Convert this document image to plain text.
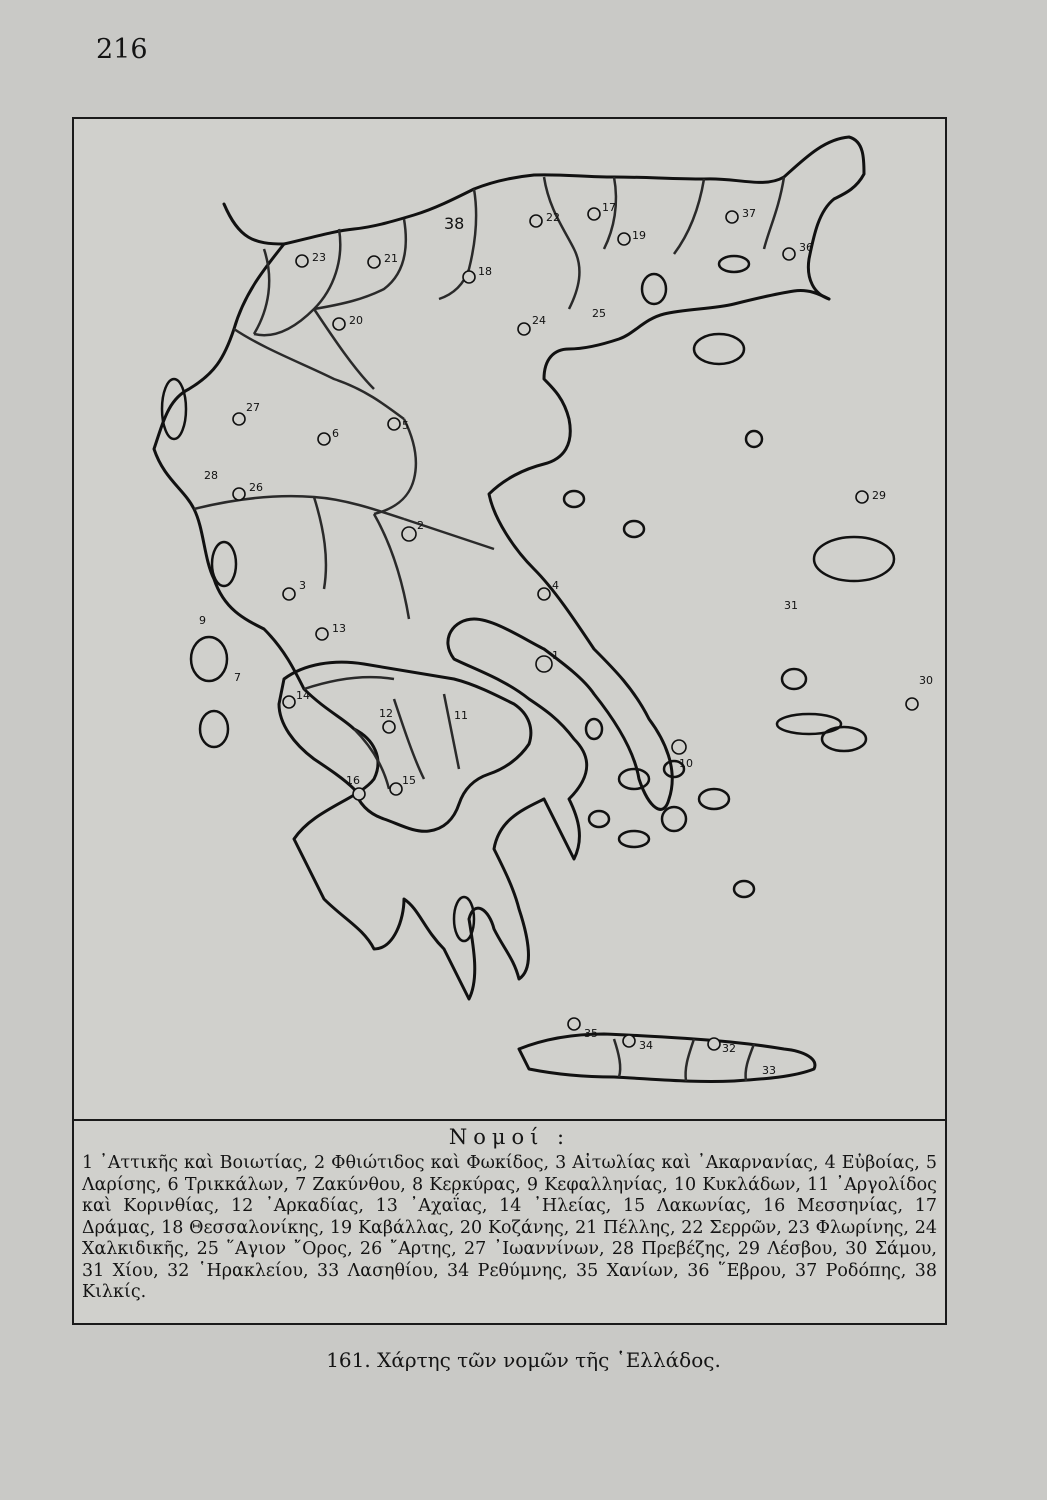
216
1
2
3	4
5
6
7
9
10
11
12
13
14
15
16
17
18
19
20
21
22
23
24
25
26
27
28
29
30
31
32
33
34
35
36
37
38
Νομοί :
1 ᾿Αττικῆς καὶ Βοιωτίας, 2 Φθιώτιδος καὶ Φωκίδος, 3 Αἰτωλίας καὶ ᾿Ακαρνανίας, 4 Εὐβοίας, 5 Λαρίσης, 6 Τρικκάλων, 7 Ζακύνθου, 8 Κερκύρας, 9 Κεφαλληνίας, 10 Κυκλάδων, 11 ᾿Αργολίδος καὶ Κορινθίας, 12 ᾿Αρκαδίας, 13 ᾿Αχαΐας, 14 ᾿Ηλείας, 15 Λακωνίας, 16 Μεσσηνίας, 17 Δράμας, 18 Θεσσαλονίκης, 19 Καβάλλας, 20 Κοζάνης, 21 Πέλλης, 22 Σερρῶν, 23 Φλωρίνης, 24 Χαλκιδικῆς, 25 ῞Αγιον ῎Ορος, 26 ῎Αρτης, 27 ᾿Ιωαννίνων, 28 Πρεβέζης, 29 Λέσβου, 30 Σάμου, 31 Χίου, 32 ῾Ηρακλείου, 33 Λασηθίου, 34 Ρεθύμνης, 35 Χανίων, 36 ῞Εβρου, 37 Ροδόπης, 38 Κιλκίς.
161. Χάρτης τῶν νομῶν τῆς ῾Ελλάδος.
